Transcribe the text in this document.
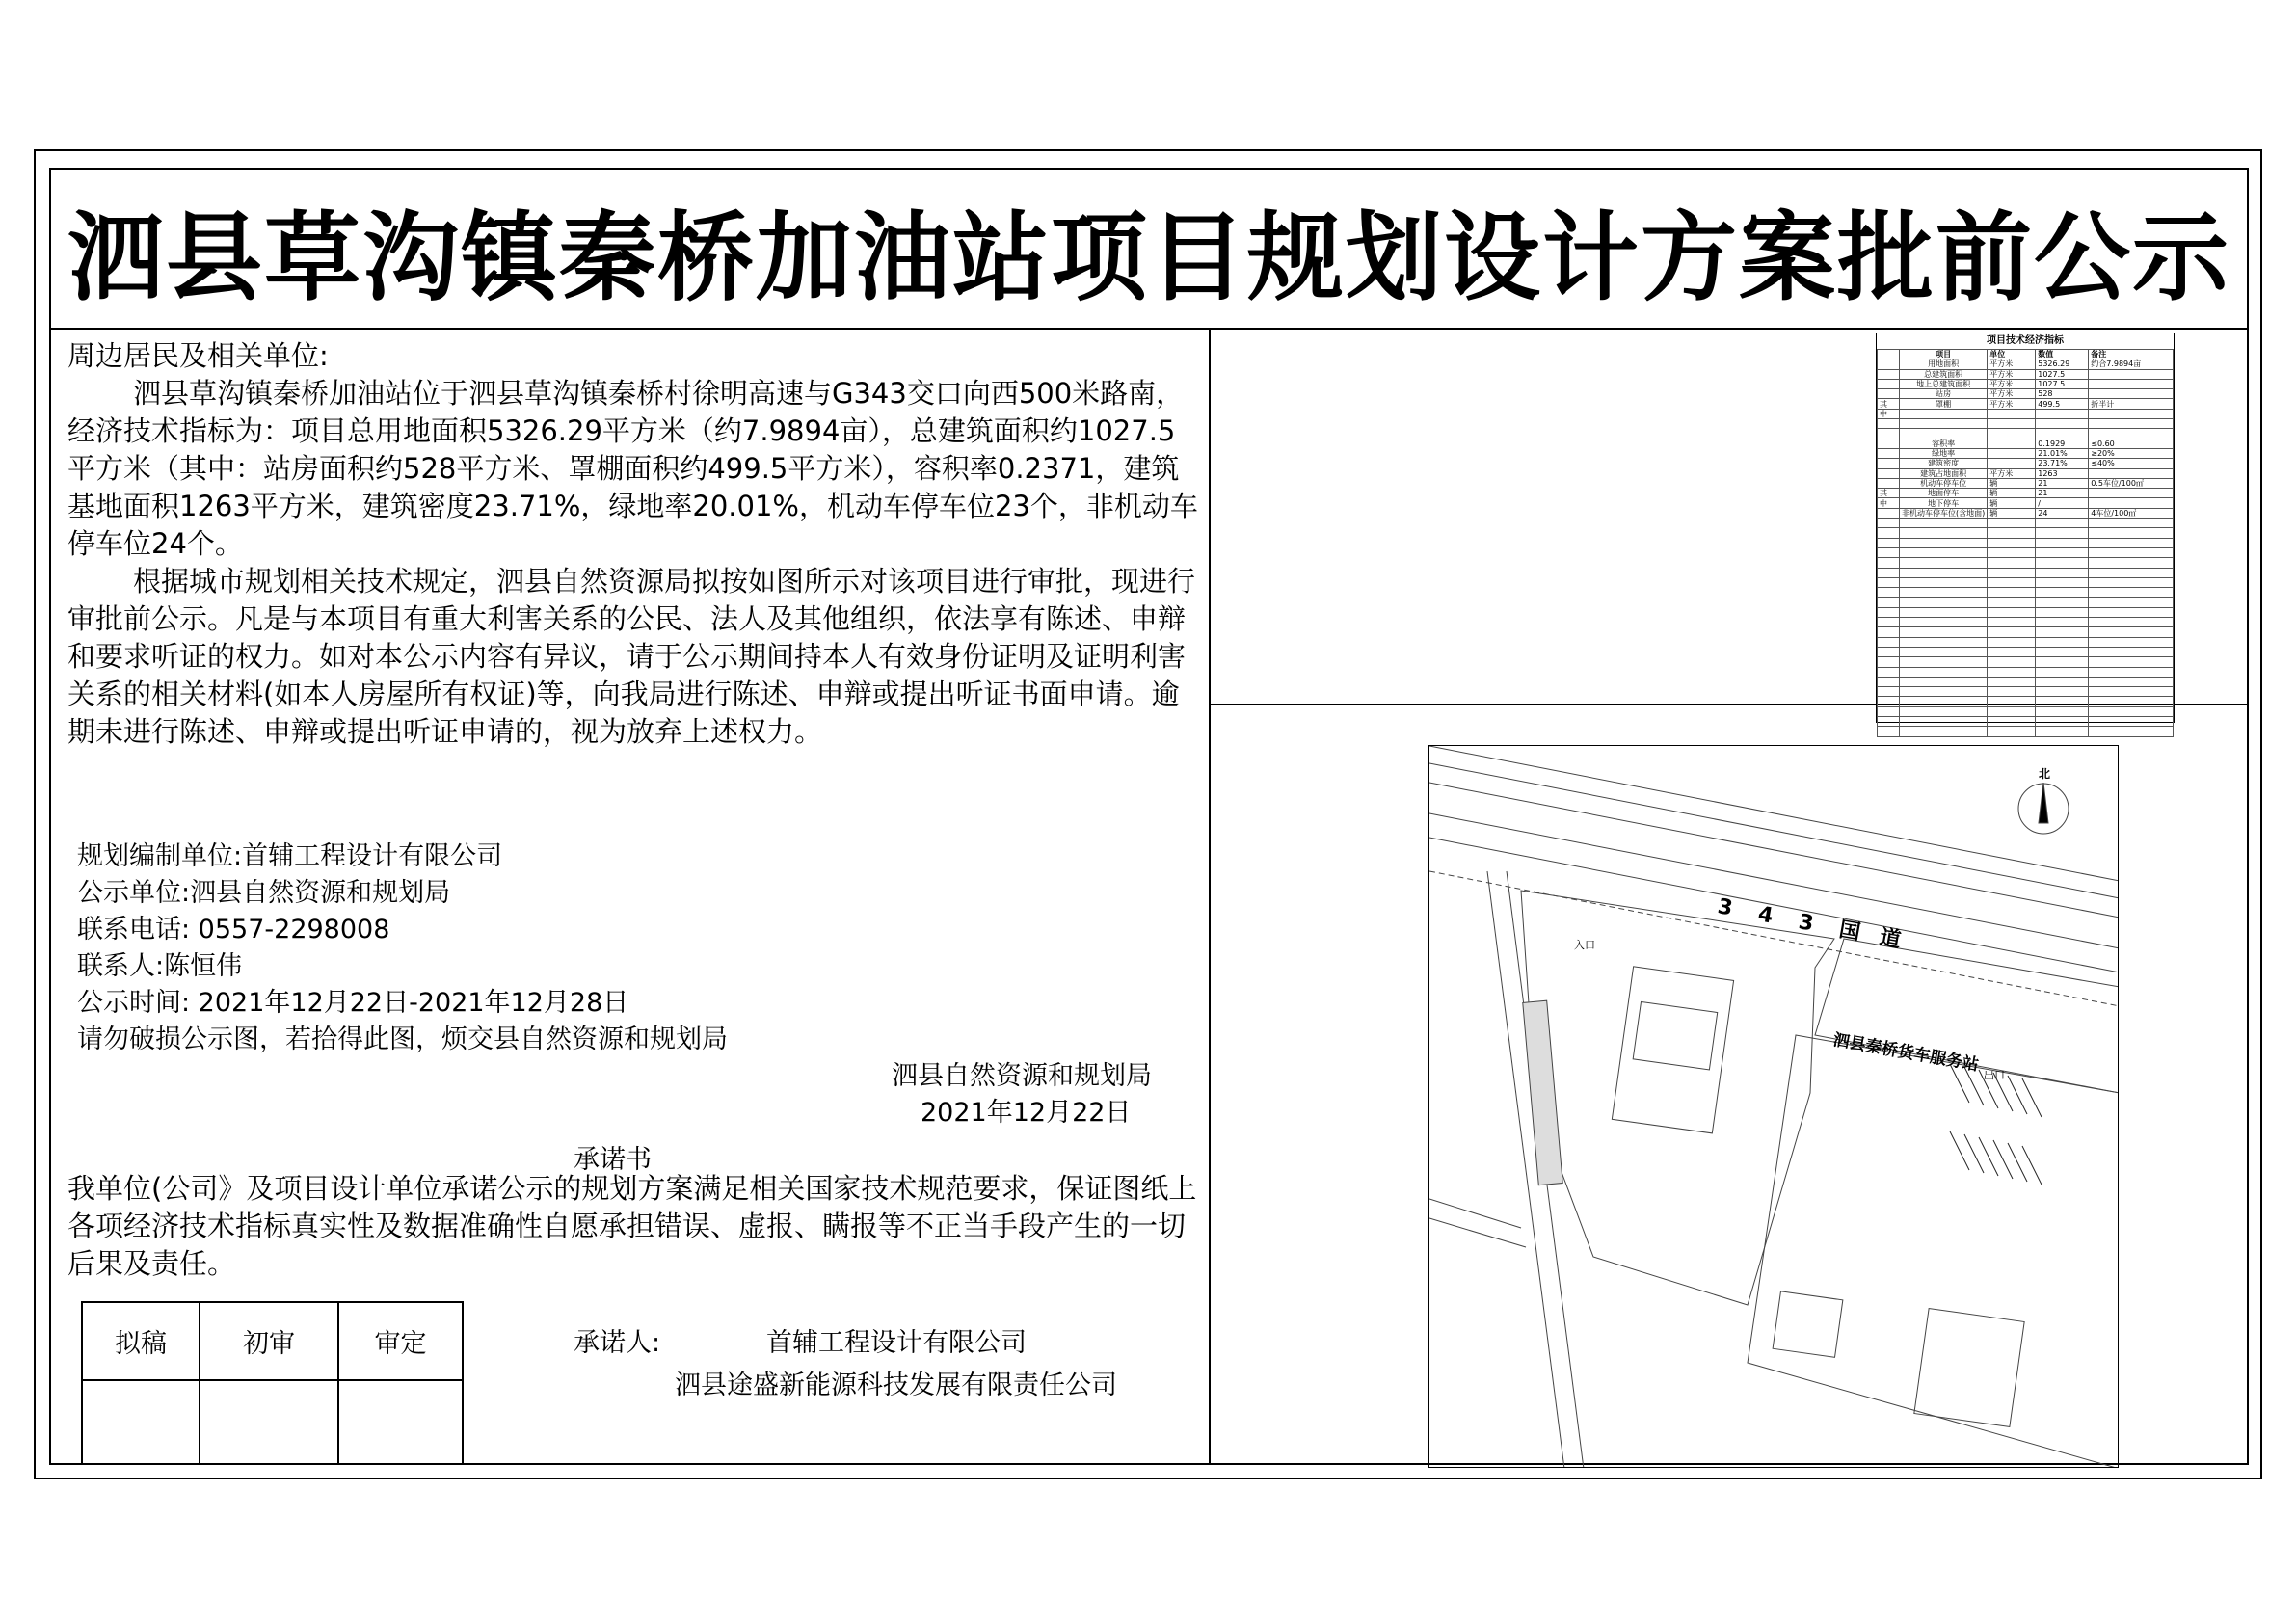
泗县草沟镇秦桥加油站项目规划设计方案批前公示

周边居民及相关单位:

泗县草沟镇秦桥加油站位于泗县草沟镇秦桥村徐明高速与G343交口向西500米路南，经济技术指标为：项目总用地面积5326.29平方米（约7.9894亩），总建筑面积约1027.5平方米（其中：站房面积约528平方米、罩棚面积约499.5平方米），容积率0.2371，建筑基地面积1263平方米，建筑密度23.71%，绿地率20.01%，机动车停车位23个，非机动车停车位24个。

根据城市规划相关技术规定，泗县自然资源局拟按如图所示对该项目进行审批，现进行审批前公示。凡是与本项目有重大利害关系的公民、法人及其他组织，依法享有陈述、申辩和要求听证的权力。如对本公示内容有异议，请于公示期间持本人有效身份证明及证明利害关系的相关材料(如本人房屋所有权证)等，向我局进行陈述、申辩或提出听证书面申请。逾期未进行陈述、申辩或提出听证申请的，视为放弃上述权力。

规划编制单位:首辅工程设计有限公司
公示单位:泗县自然资源和规划局
联系电话: 0557-2298008
联系人:陈恒伟
公示时间: 2021年12月22日-2021年12月28日
请勿破损公示图，若拾得此图，烦交县自然资源和规划局
泗县自然资源和规划局
2021年12月22日
承诺书

我单位(公司》及项目设计单位承诺公示的规划方案满足相关国家技术规范要求，保证图纸上各项经济技术指标真实性及数据准确性自愿承担错误、虚报、瞒报等不正当手段产生的一切后果及责任。

拟稿	初审	审定
			承诺人:	首辅工程设计有限公司
泗县途盛新能源科技发展有限责任公司
项目技术经济指标
	项目	单位	数值	备注
	用地面积	平方米	5326.29	约合7.9894亩
	总建筑面积	平方米	1027.5	
	地上总建筑面积	平方米	1027.5	
	站房	平方米	528	
其	罩棚	平方米	499.5	折半计
中				

	容积率		0.1929	≤0.60
	绿地率		21.01%	≥20%
	建筑密度		23.71%	≤40%
	建筑占地面积	平方米	1263	
	机动车停车位	辆	21	0.5车位/100㎡
其	地面停车	辆	21	
中	地下停车	辆	/	
	非机动车停车位(含地面)	辆	24	4车位/100㎡

北
3 4 3 国 道
入口
出口
泗县秦桥货车服务站
